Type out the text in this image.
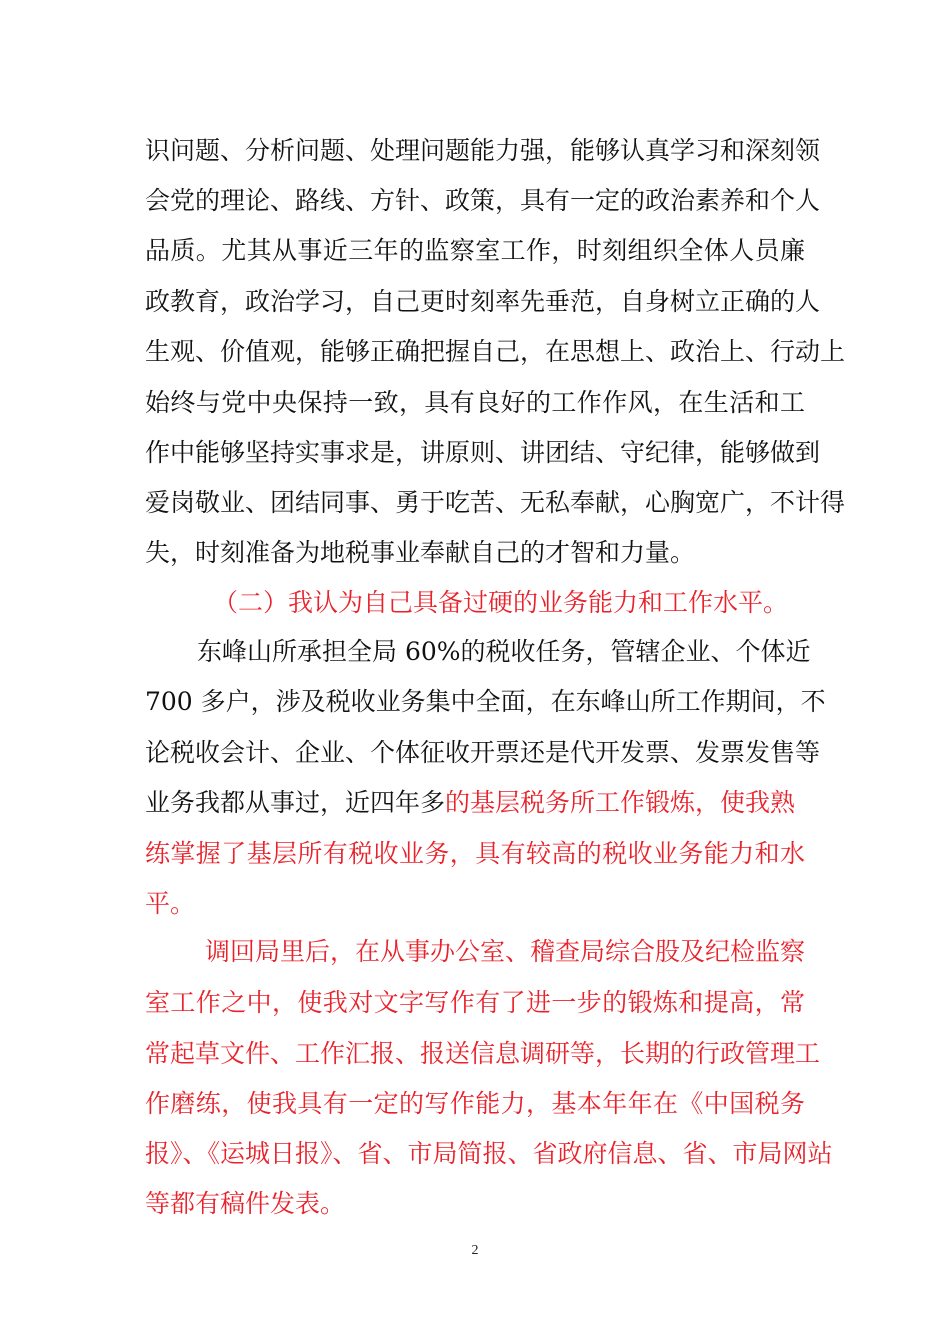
识问题、分析问题、处理问题能力强，能够认真学习和深刻领
会党的理论、路线、方针、政策，具有一定的政治素养和个人
品质。尤其从事近三年的监察室工作，时刻组织全体人员廉
政教育，政治学习，自己更时刻率先垂范，自身树立正确的人
生观、价值观，能够正确把握自己，在思想上、政治上、行动上
始终与党中央保持一致，具有良好的工作作风，在生活和工
作中能够坚持实事求是，讲原则、讲团结、守纪律，能够做到
爱岗敬业、团结同事、勇于吃苦、无私奉献，心胸宽广，不计得
失，时刻准备为地税事业奉献自己的才智和力量。
（二）我认为自己具备过硬的业务能力和工作水平。
东峰山所承担全局 60%的税收任务，管辖企业、个体近
700 多户，涉及税收业务集中全面，在东峰山所工作期间，不
论税收会计、企业、个体征收开票还是代开发票、发票发售等
业务我都从事过，近四年多的基层税务所工作锻炼，使我熟
练掌握了基层所有税收业务，具有较高的税收业务能力和水
平。
调回局里后，在从事办公室、稽查局综合股及纪检监察
室工作之中，使我对文字写作有了进一步的锻炼和提高，常
常起草文件、工作汇报、报送信息调研等，长期的行政管理工
作磨练，使我具有一定的写作能力，基本年年在《中国税务
报》、《运城日报》、省、市局简报、省政府信息、省、市局网站
等都有稿件发表。
2
